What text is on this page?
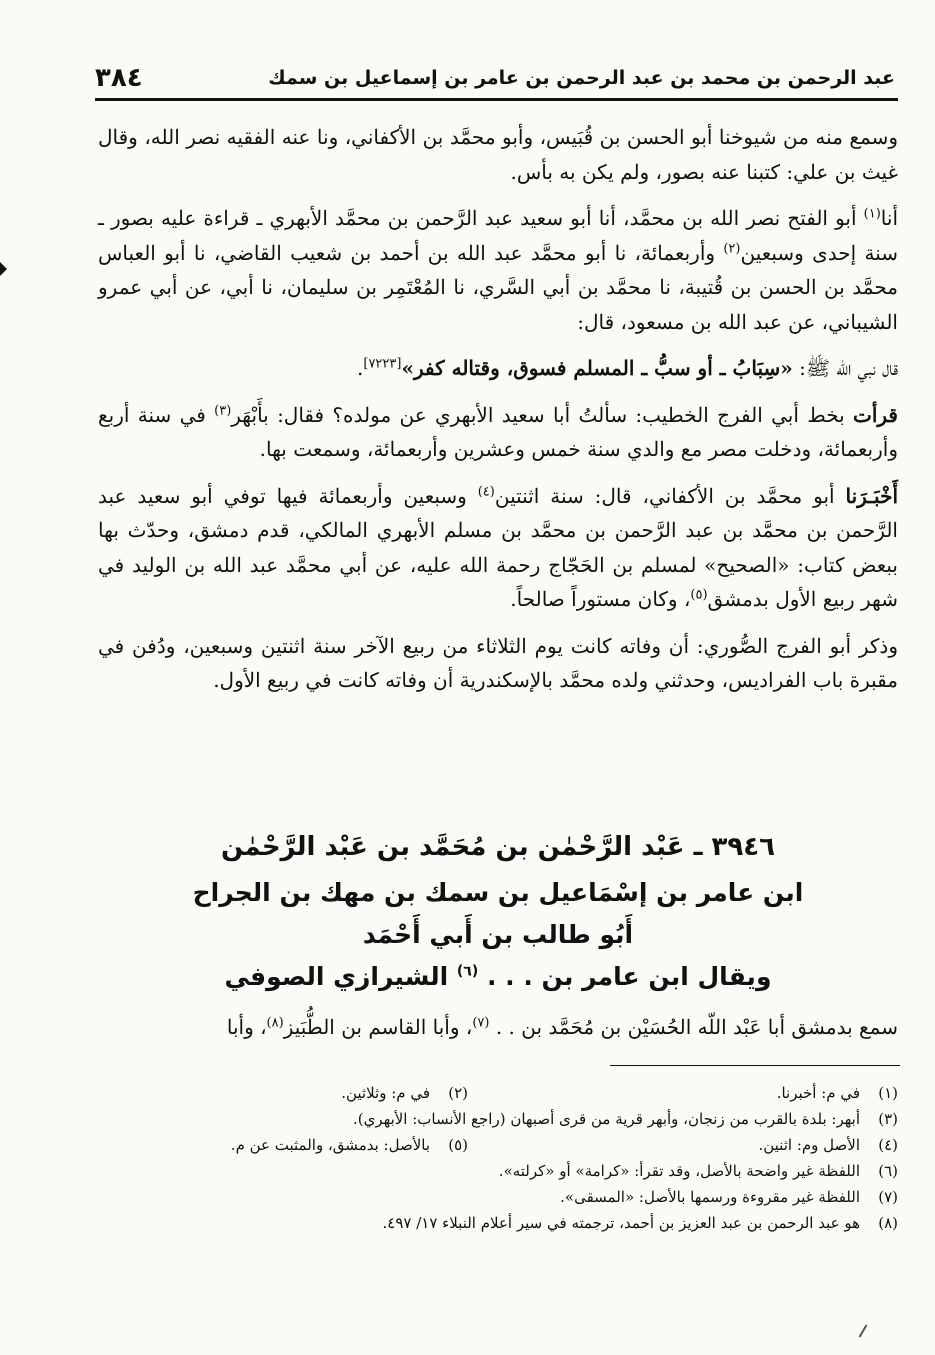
٣٨٤	عبد الرحمن بن محمد بن عبد الرحمن بن عامر بن إسماعيل بن سمك

وسمع منه من شيوخنا أبو الحسن بن قُبَيس، وأبو محمَّد بن الأكفاني، ونا عنه الفقيه نصر الله، وقال غيث بن علي: كتبنا عنه بصور، ولم يكن به بأس.

أنا$^{(١)}$ أبو الفتح نصر الله بن محمَّد، أنا أبو سعيد عبد الرَّحمن بن محمَّد الأبهري ـ قراءة عليه بصور ـ سنة إحدى وسبعين$^{(٢)}$ وأربعمائة، نا أبو محمَّد عبد الله بن أحمد بن شعيب القاضي، نا أبو العباس محمَّد بن الحسن بن قُتيبة، نا محمَّد بن أبي السَّري، نا المُعْتَمِر بن سليمان، نا أبي، عن أبي عمرو الشيباني، عن عبد الله بن مسعود، قال:

قال نبي الله ﷺ: «سِبَابُ ـ أو سبُّ ـ المسلم فسوق، وقتاله كفر»[٧٢٢٣].

قرأت بخط أبي الفرج الخطيب: سألتُ أبا سعيد الأبهري عن مولده؟ فقال: بأَبْهَر$^{(٣)}$ في سنة أربع وأربعمائة، ودخلت مصر مع والدي سنة خمس وعشرين وأربعمائة، وسمعت بها.

أَخْبَـرَنا أبو محمَّد بن الأكفاني، قال: سنة اثنتين$^{(٤)}$ وسبعين وأربعمائة فيها توفي أبو سعيد عبد الرَّحمن بن محمَّد بن عبد الرَّحمن بن محمَّد بن مسلم الأبهري المالكي، قدم دمشق، وحدّث بها ببعض كتاب: «الصحيح» لمسلم بن الحَجّاج رحمة الله عليه، عن أبي محمَّد عبد الله بن الوليد في شهر ربيع الأول بدمشق$^{(٥)}$، وكان مستوراً صالحاً.

وذكر أبو الفرج الصُّوري: أن وفاته كانت يوم الثلاثاء من ربيع الآخر سنة اثنتين وسبعين، ودُفن في مقبرة باب الفراديس، وحدثني ولده محمَّد بالإسكندرية أن وفاته كانت في ربيع الأول.

٣٩٤٦ ـ عَبْد الرَّحْمٰن بن مُحَمَّد بن عَبْد الرَّحْمٰن
ابن عامر بن إسْمَاعيل بن سمك بن مهك بن الجراح
أَبُو طالب بن أَبي أَحْمَد
ويقال ابن عامر بن . . . $^{(٦)}$ الشيرازي الصوفي
سمع بدمشق أبا عَبْد اللّه الحُسَيْن بن مُحَمَّد بن . . $^{(٧)}$، وأبا القاسم بن الطُّبَيز$^{(٨)}$، وأبا
(١)
في م: أخبرنا.
(٢)
في م: وثلاثين.
(٣)
أبهر: بلدة بالقرب من زنجان، وأبهر قرية من قرى أصبهان (راجع الأنساب: الأبهري).
(٤)
الأصل وم: اثنين.
(٥)
بالأصل: بدمشق، والمثبت عن م.
(٦)
اللفظة غير واضحة بالأصل، وقد تقرأ: «كرامة» أو «كرلته».
(٧)
اللفظة غير مقروءة ورسمها بالأصل: «المسقى».
(٨)
هو عبد الرحمن بن عبد العزيز بن أحمد، ترجمته في سير أعلام النبلاء ١٧/ ٤٩٧.
